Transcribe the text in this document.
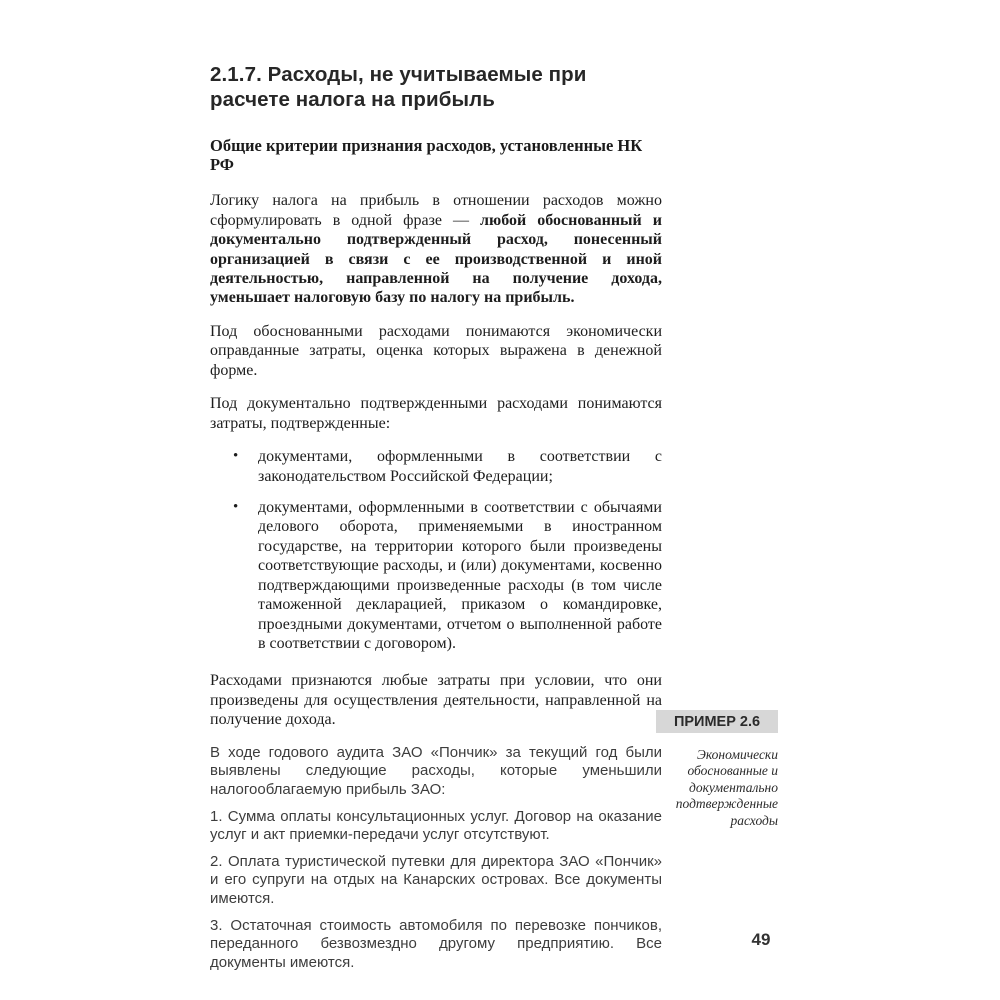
2.1.7. Расходы, не учитываемые при расчете налога на прибыль
Общие критерии признания расходов, установленные НК РФ

Логику налога на прибыль в отношении расходов можно сформулировать в одной фразе — любой обоснованный и документально подтвержденный расход, понесенный организацией в связи с ее производственной и иной деятельностью, направленной на получение дохода, уменьшает налоговую базу по налогу на прибыль.

Под обоснованными расходами понимаются экономически оправданные затраты, оценка которых выражена в денежной форме.

Под документально подтвержденными расходами понимаются затраты, подтвержденные:

•	документами, оформленными в соответствии с законодательством Российской Федерации;
•	документами, оформленными в соответствии с обычаями делового оборота, применяемыми в иностранном государстве, на территории которого были произведены соответствующие расходы, и (или) документами, косвенно подтверждающими произведенные расходы (в том числе таможенной декларацией, приказом о командировке, проездными документами, отчетом о выполненной работе в соответствии с договором).

Расходами признаются любые затраты при условии, что они произведены для осуществления деятельности, направленной на получение дохода.

В ходе годового аудита ЗАО «Пончик» за текущий год были выявлены следующие расходы, которые уменьшили налогооблагаемую прибыль ЗАО:

1. Сумма оплаты консультационных услуг. Договор на оказание услуг и акт приемки-передачи услуг отсутствуют.

2. Оплата туристической путевки для директора ЗАО «Пончик» и его супруги на отдых на Канарских островах. Все документы имеются.

3. Остаточная стоимость автомобиля по перевозке пончиков, переданного безвозмездно другому предприятию. Все документы имеются.

ПРИМЕР 2.6
Экономически обоснованные и документально подтвержденные расходы
49
